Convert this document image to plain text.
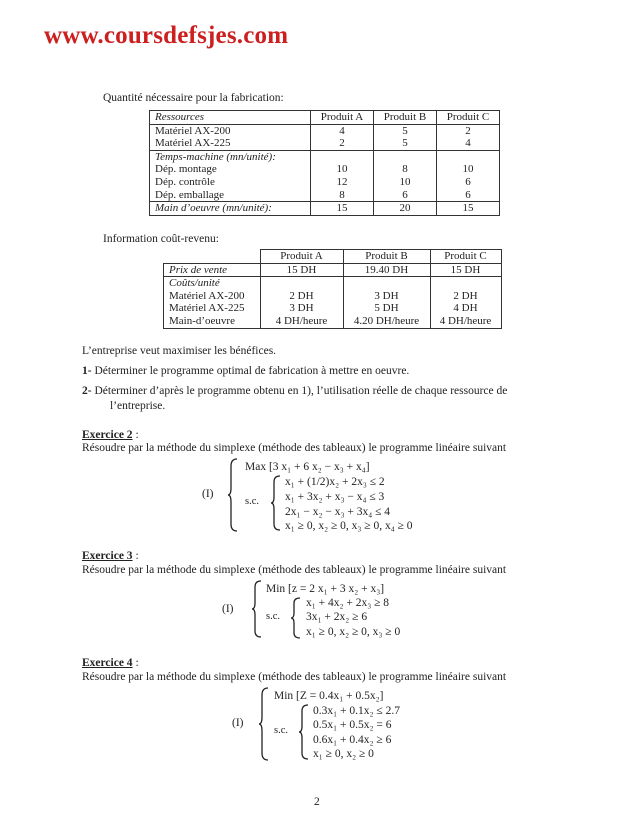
www.coursdefsjes.com
Quantité nécessaire pour la fabrication:
Ressources	Produit A	Produit B	Produit C
Matériel AX-200	4	5	2
Matériel AX-225	2	5	4
Temps-machine (mn/unité):			
Dép. montage	10	8	10
Dép. contrôle	12	10	6
Dép. emballage	8	6	6
Main d’oeuvre (mn/unité):	15	20	15
Information coût-revenu:
	Produit A	Produit B	Produit C
Prix de vente	15 DH	19.40 DH	15 DH
Coûts/unité			
Matériel AX-200	2 DH	3 DH	2 DH
Matériel AX-225	3 DH	5 DH	4 DH
Main-d’oeuvre	4 DH/heure	4.20 DH/heure	4 DH/heure
L’entreprise veut maximiser les bénéfices.
1- Déterminer le programme optimal de fabrication à mettre en oeuvre.
2- Déterminer d’après le programme obtenu en 1), l’utilisation réelle de chaque ressource de
l’entreprise.
Exercice 2 :
Résoudre par la méthode du simplexe (méthode des tableaux) le programme linéaire suivant
(I)
Max [3 x₁ + 6 x₂ − x₃ + x₄]
s.c.
x₁ + (1/2)x₂ + 2x₃ ≤ 2
x₁ + 3x₂ + x₃ − x₄ ≤ 3
2x₁ − x₂ − x₃ + 3x₄ ≤ 4
x₁ ≥ 0, x₂ ≥ 0, x₃ ≥ 0, x₄ ≥ 0
Exercice 3 :
Résoudre par la méthode du simplexe (méthode des tableaux) le programme linéaire suivant
(I)
Min [z = 2 x₁ + 3 x₂ + x₃]
s.c.
x₁ + 4x₂ + 2x₃ ≥ 8
3x₁ + 2x₂ ≥ 6
x₁ ≥ 0, x₂ ≥ 0, x₃ ≥ 0
Exercice 4 :
Résoudre par la méthode du simplexe (méthode des tableaux) le programme linéaire suivant
(I)
Min [Z = 0.4x₁ + 0.5x₂]
s.c.
0.3x₁ + 0.1x₂ ≤ 2.7
0.5x₁ + 0.5x₂ = 6
0.6x₁ + 0.4x₂ ≥ 6
x₁ ≥ 0, x₂ ≥ 0
2
